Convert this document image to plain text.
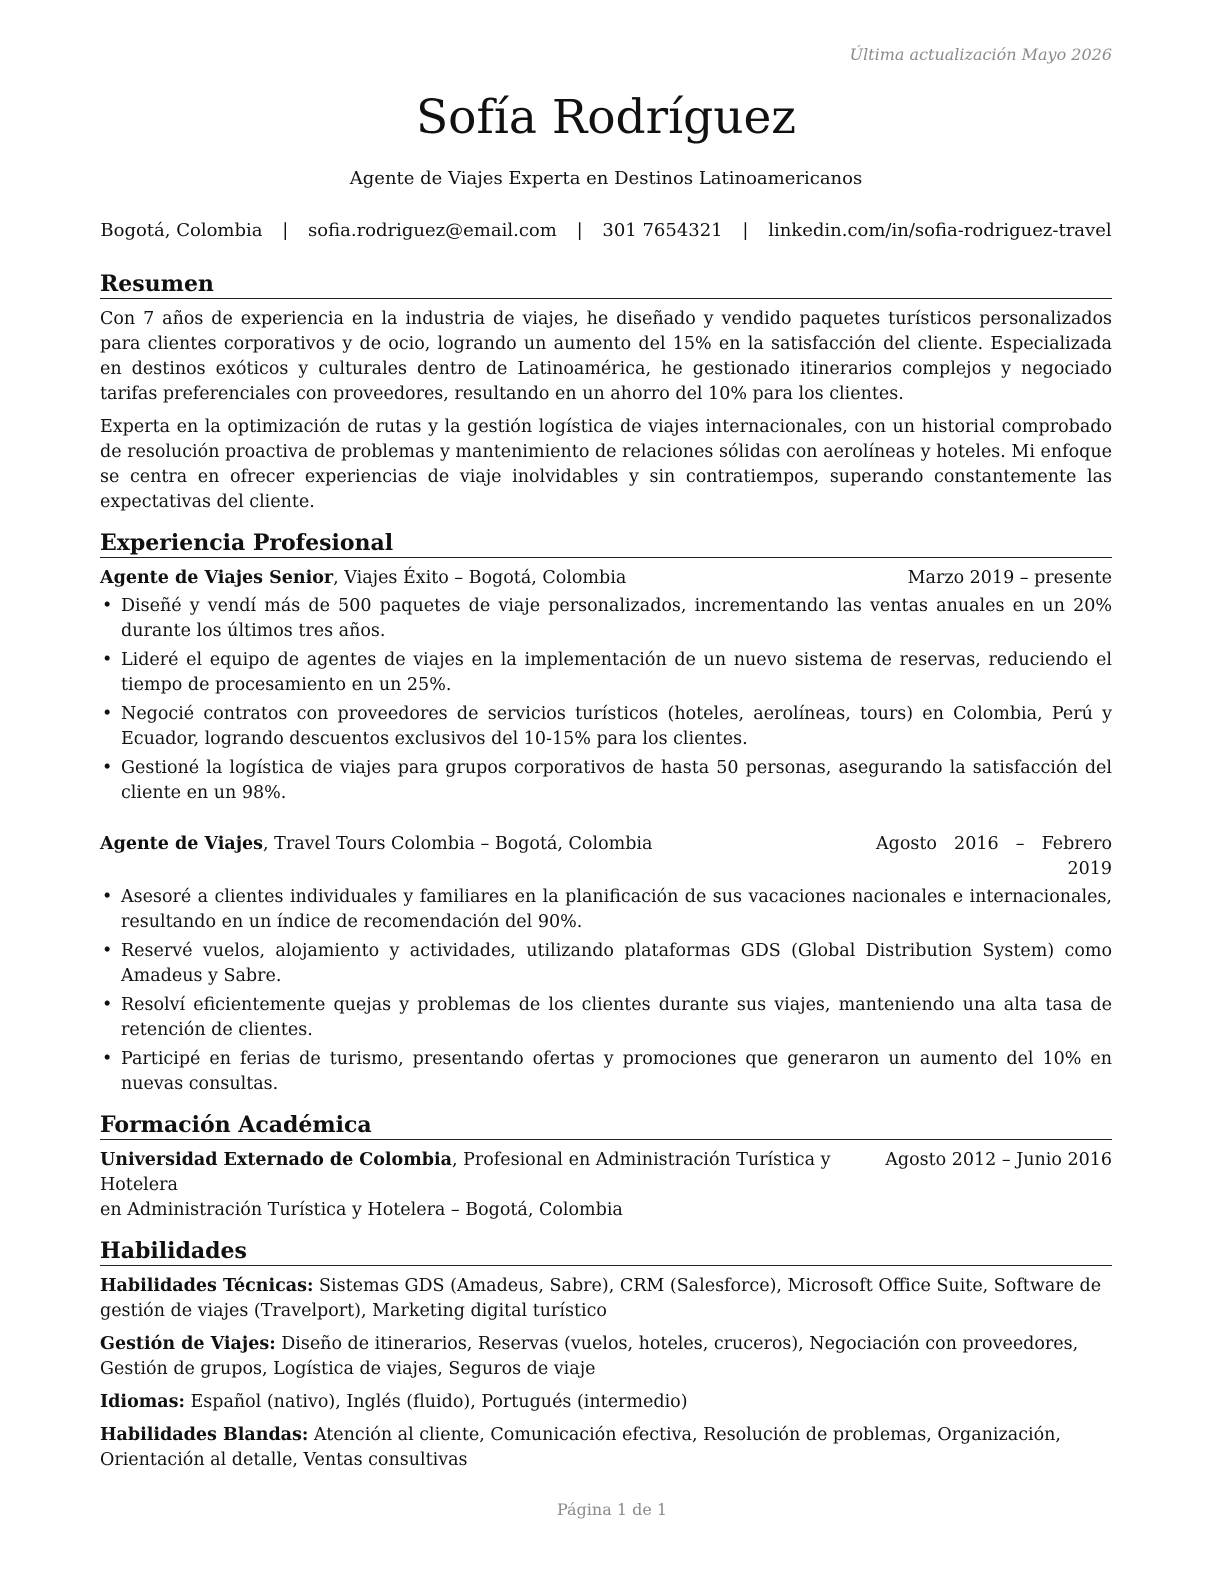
Última actualización Mayo 2026
Sofía Rodríguez
Agente de Viajes Experta en Destinos Latinoamericanos
Bogotá, Colombia | sofia.rodriguez@email.com | 301 7654321 | linkedin.com/in/sofia-rodriguez-travel
Resumen

Con 7 años de experiencia en la industria de viajes, he diseñado y vendido paquetes turísticos personalizados para clientes corporativos y de ocio, logrando un aumento del 15% en la satisfacción del cliente. Especializada en destinos exóticos y culturales dentro de Latinoamérica, he gestionado itinerarios complejos y negociado tarifas preferenciales con proveedores, resultando en un ahorro del 10% para los clientes.

Experta en la optimización de rutas y la gestión logística de viajes internacionales, con un historial comprobado de resolución proactiva de problemas y mantenimiento de relaciones sólidas con aerolíneas y hoteles. Mi enfoque se centra en ofrecer experiencias de viaje inolvidables y sin contratiempos, superando constantemente las expectativas del cliente.

Experiencia Profesional
Agente de Viajes Senior, Viajes Éxito – Bogotá, Colombia	Marzo 2019 – presente
• Diseñé y vendí más de 500 paquetes de viaje personalizados, incrementando las ventas anuales en un 20% durante los últimos tres años.
• Lideré el equipo de agentes de viajes en la implementación de un nuevo sistema de reservas, reduciendo el tiempo de procesamiento en un 25%.
• Negocié contratos con proveedores de servicios turísticos (hoteles, aerolíneas, tours) en Colombia, Perú y Ecuador, logrando descuentos exclusivos del 10-15% para los clientes.
• Gestioné la logística de viajes para grupos corporativos de hasta 50 personas, asegurando la satisfacción del cliente en un 98%.
Agente de Viajes, Travel Tours Colombia – Bogotá, Colombia	Agosto 2016 – Febrero 2019
• Asesoré a clientes individuales y familiares en la planificación de sus vacaciones nacionales e internacionales, resultando en un índice de recomendación del 90%.
• Reservé vuelos, alojamiento y actividades, utilizando plataformas GDS (Global Distribution System) como Amadeus y Sabre.
• Resolví eficientemente quejas y problemas de los clientes durante sus viajes, manteniendo una alta tasa de retención de clientes.
• Participé en ferias de turismo, presentando ofertas y promociones que generaron un aumento del 10% en nuevas consultas.
Formación Académica
Universidad Externado de Colombia, Profesional en Administración Turística y Hotelera
Agosto 2012 – Junio 2016
en Administración Turística y Hotelera – Bogotá, Colombia
Habilidades

Habilidades Técnicas: Sistemas GDS (Amadeus, Sabre), CRM (Salesforce), Microsoft Office Suite, Software de gestión de viajes (Travelport), Marketing digital turístico

Gestión de Viajes: Diseño de itinerarios, Reservas (vuelos, hoteles, cruceros), Negociación con proveedores, Gestión de grupos, Logística de viajes, Seguros de viaje

Idiomas: Español (nativo), Inglés (fluido), Portugués (intermedio)

Habilidades Blandas: Atención al cliente, Comunicación efectiva, Resolución de problemas, Organización, Orientación al detalle, Ventas consultivas

Página 1 de 1
